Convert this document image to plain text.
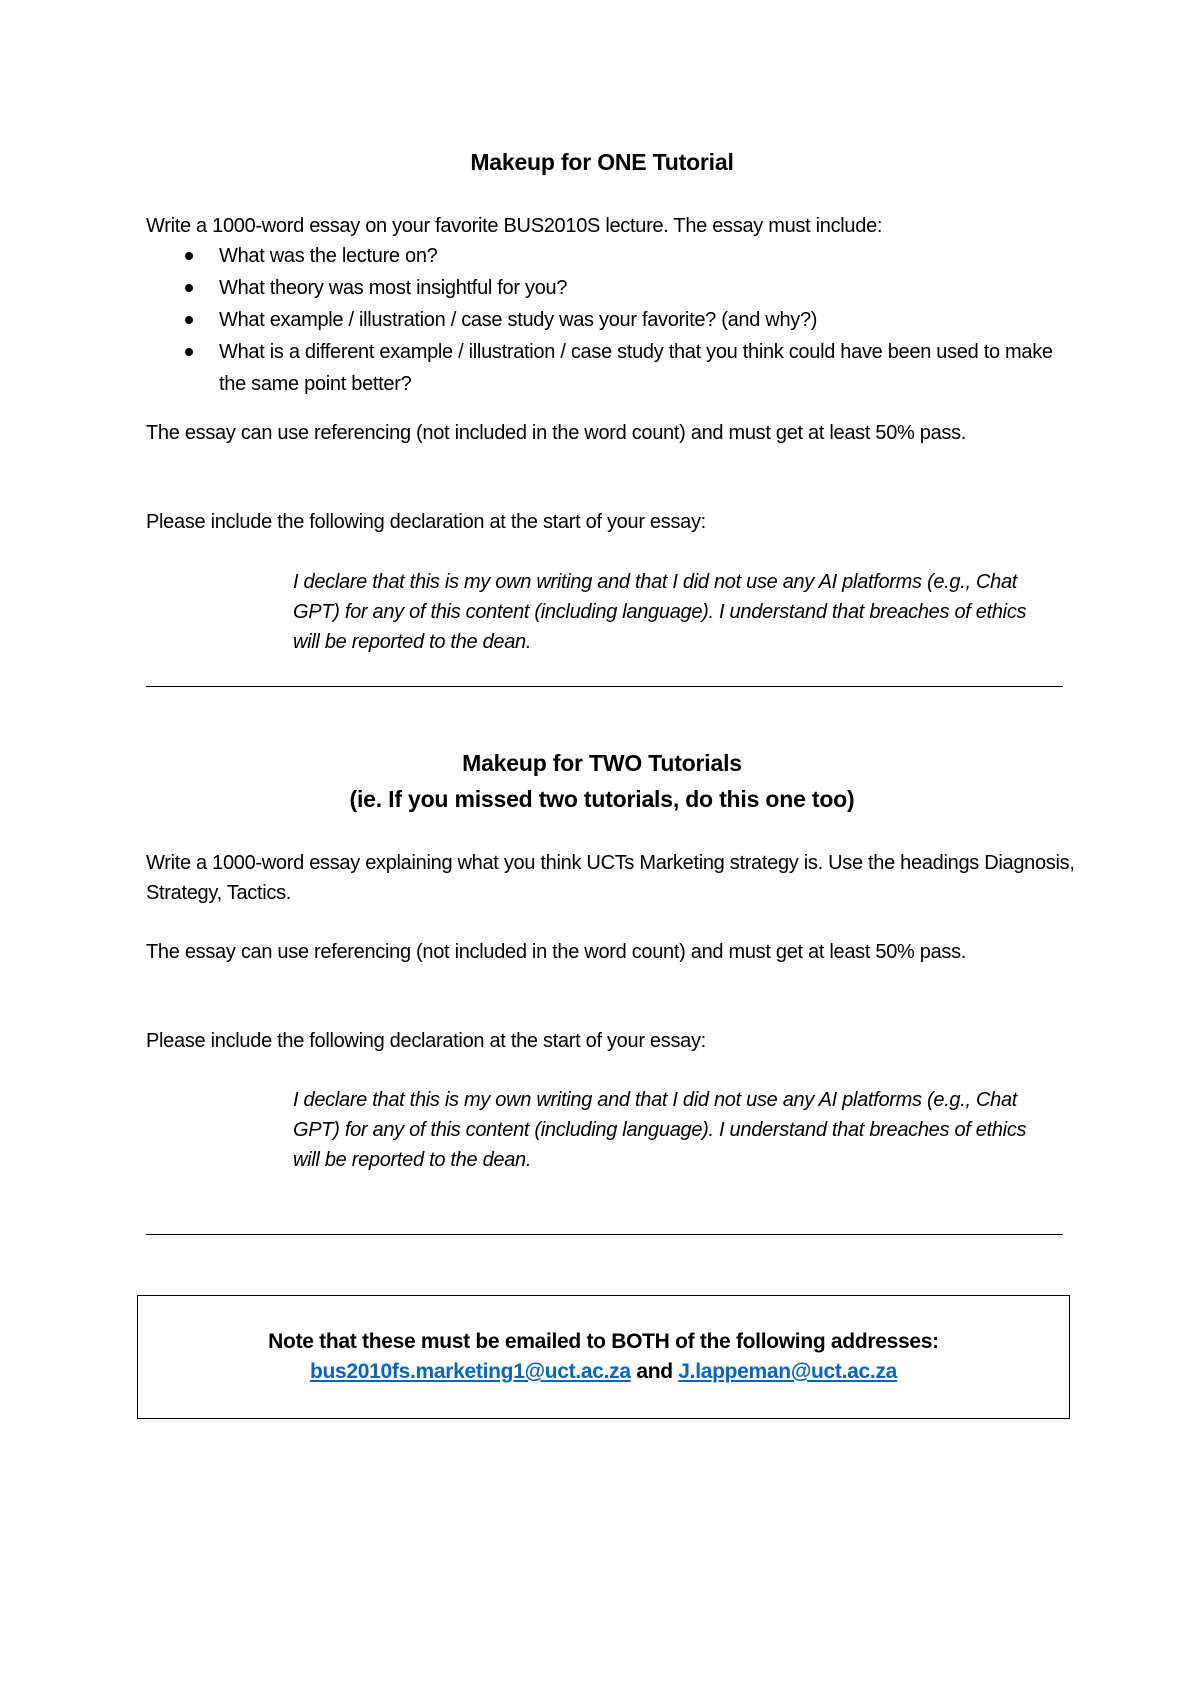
Makeup for ONE Tutorial
Write a 1000-word essay on your favorite BUS2010S lecture. The essay must include:
What was the lecture on?
What theory was most insightful for you?
What example / illustration / case study was your favorite? (and why?)
What is a different example / illustration / case study that you think could have been used to make the same point better?
The essay can use referencing (not included in the word count) and must get at least 50% pass.
Please include the following declaration at the start of your essay:
I declare that this is my own writing and that I did not use any AI platforms (e.g., Chat GPT) for any of this content (including language). I understand that breaches of ethics will be reported to the dean.
Makeup for TWO Tutorials
(ie. If you missed two tutorials, do this one too)
Write a 1000-word essay explaining what you think UCTs Marketing strategy is. Use the headings Diagnosis, Strategy, Tactics.
The essay can use referencing (not included in the word count) and must get at least 50% pass.
Please include the following declaration at the start of your essay:
I declare that this is my own writing and that I did not use any AI platforms (e.g., Chat GPT) for any of this content (including language). I understand that breaches of ethics will be reported to the dean.
Note that these must be emailed to BOTH of the following addresses:
bus2010fs.marketing1@uct.ac.za and J.lappeman@uct.ac.za
